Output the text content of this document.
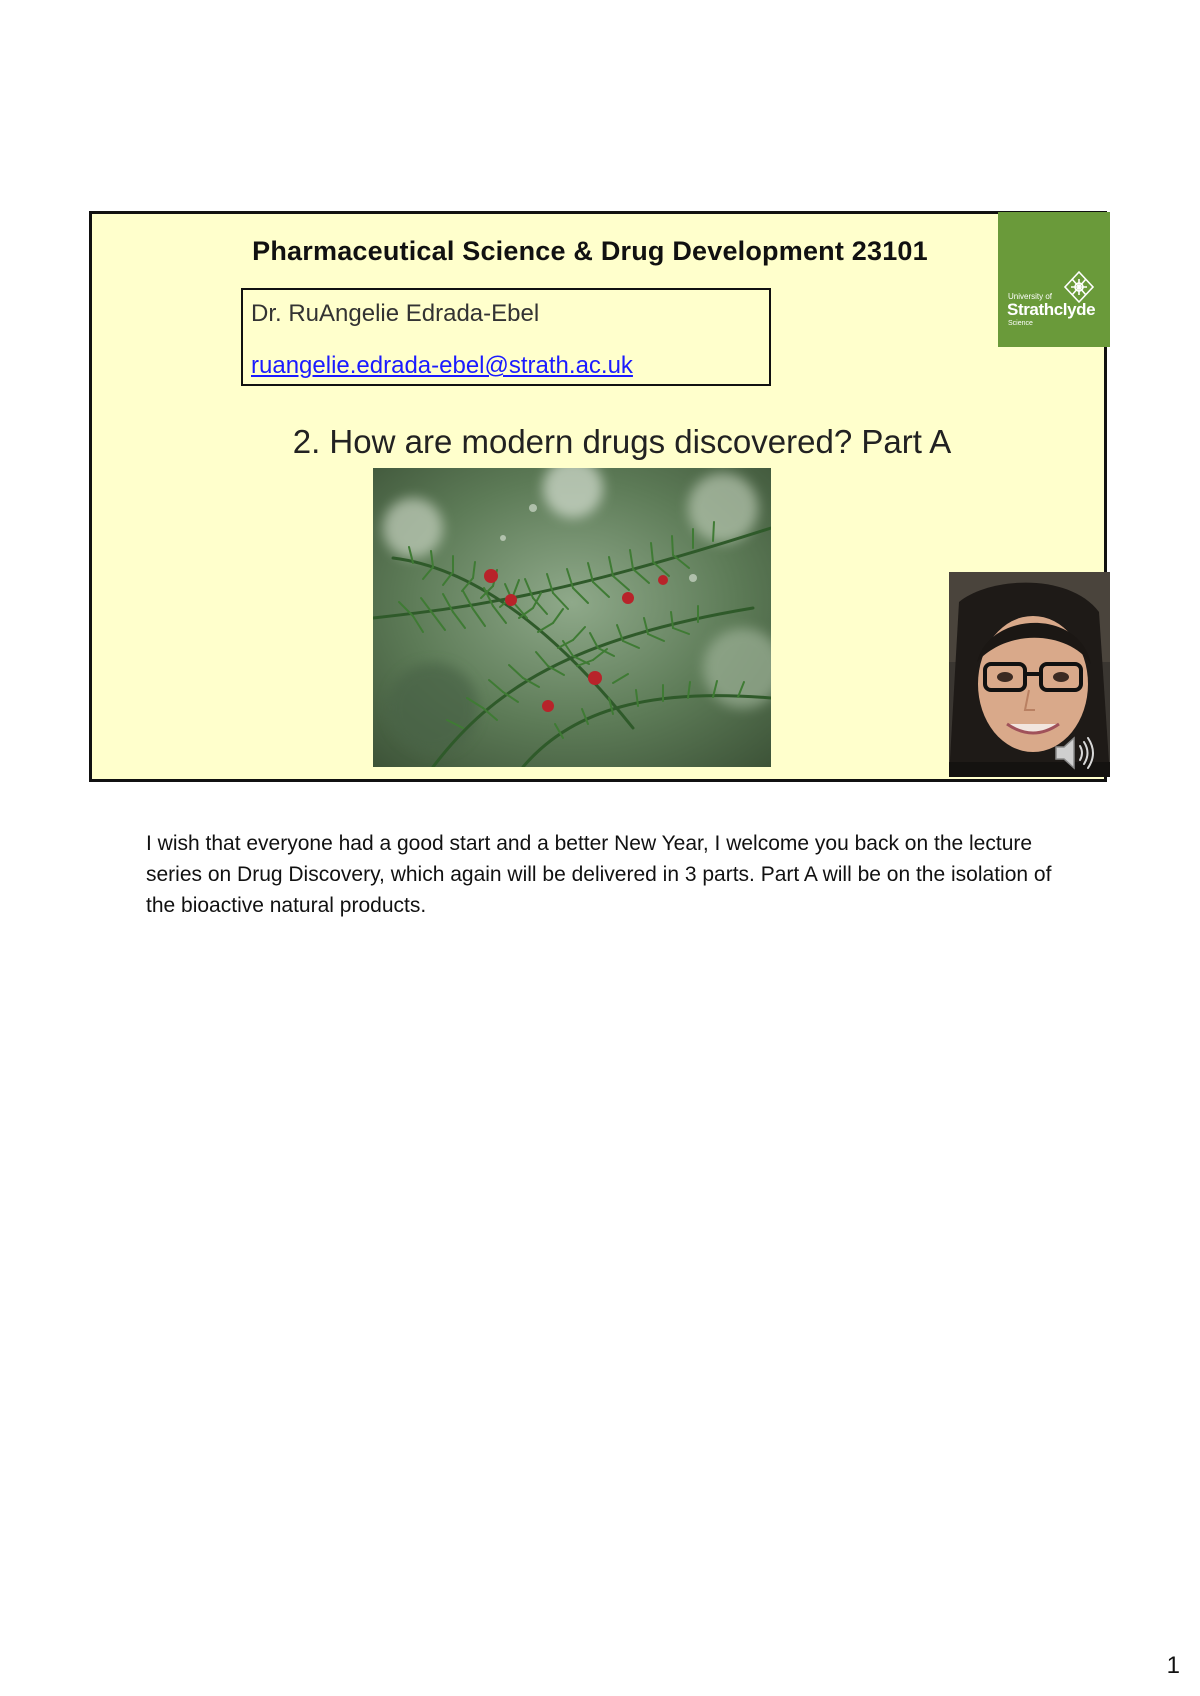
Pharmaceutical Science & Drug Development 23101
Dr. RuAngelie Edrada-Ebel
ruangelie.edrada-ebel@strath.ac.uk
University of
Strathclyde
Science
2. How are modern drugs discovered? Part A
I wish that everyone had a good start and a better New Year, I welcome you back on the lecture series on Drug Discovery, which again will be delivered in 3 parts. Part A will be on the isolation of the bioactive natural products.
1
